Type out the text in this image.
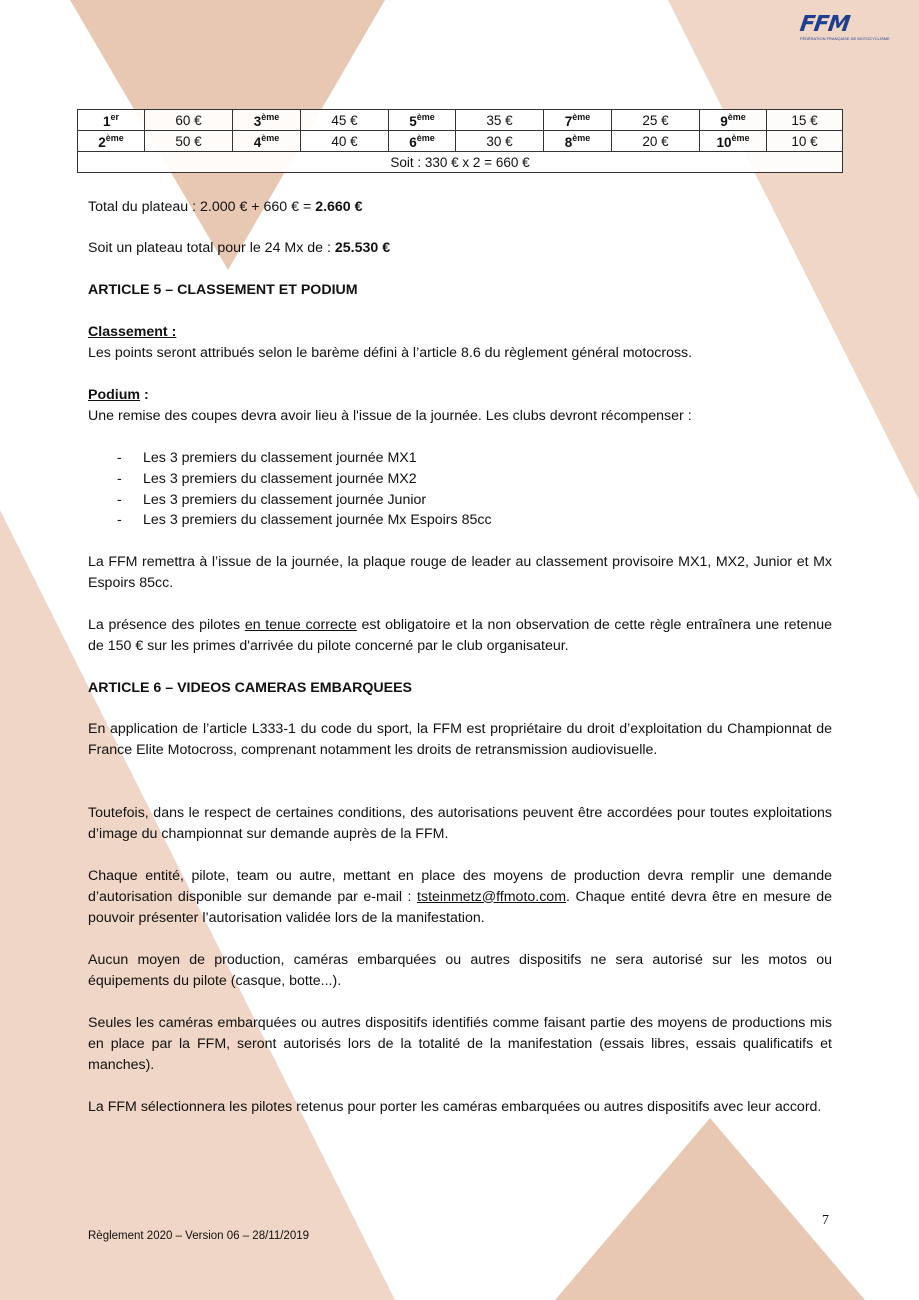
FFM
FÉDÉRATION FRANÇAISE DE MOTOCYCLISME
1er	60 €	3ème	45 €	5ème	35 €	7ème	25 €	9ème	15 €
2ème	50 €	4ème	40 €	6ème	30 €	8ème	20 €	10ème	10 €
Soit : 330 € x 2 = 660 €									
Total du plateau : 2.000 € + 660 € = 2.660 €
Soit un plateau total pour le 24 Mx de : 25.530 €
ARTICLE 5 – CLASSEMENT ET PODIUM
Classement :
Les points seront attribués selon le barème défini à l’article 8.6 du règlement général motocross.
Podium :
Une remise des coupes devra avoir lieu à l'issue de la journée. Les clubs devront récompenser :
- Les 3 premiers du classement journée MX1
- Les 3 premiers du classement journée MX2
- Les 3 premiers du classement journée Junior
- Les 3 premiers du classement journée Mx Espoirs 85cc
La FFM remettra à l’issue de la journée, la plaque rouge de leader au classement provisoire MX1, MX2, Junior et Mx Espoirs 85cc.
La présence des pilotes en tenue correcte est obligatoire et la non observation de cette règle entraînera une retenue de 150 € sur les primes d'arrivée du pilote concerné par le club organisateur.
ARTICLE 6 – VIDEOS CAMERAS EMBARQUEES
En application de l’article L333-1 du code du sport, la FFM est propriétaire du droit d’exploitation du Championnat de France Elite Motocross, comprenant notamment les droits de retransmission audiovisuelle.
Toutefois, dans le respect de certaines conditions, des autorisations peuvent être accordées pour toutes exploitations d’image du championnat sur demande auprès de la FFM.
Chaque entité, pilote, team ou autre, mettant en place des moyens de production devra remplir une demande d’autorisation disponible sur demande par e-mail : tsteinmetz@ffmoto.com. Chaque entité devra être en mesure de pouvoir présenter l’autorisation validée lors de la manifestation.
Aucun moyen de production, caméras embarquées ou autres dispositifs ne sera autorisé sur les motos ou équipements du pilote (casque, botte...).
Seules les caméras embarquées ou autres dispositifs identifiés comme faisant partie des moyens de productions mis en place par la FFM, seront autorisés lors de la totalité de la manifestation (essais libres, essais qualificatifs et manches).
La FFM sélectionnera les pilotes retenus pour porter les caméras embarquées ou autres dispositifs avec leur accord.
7
Règlement 2020 – Version 06 – 28/11/2019
